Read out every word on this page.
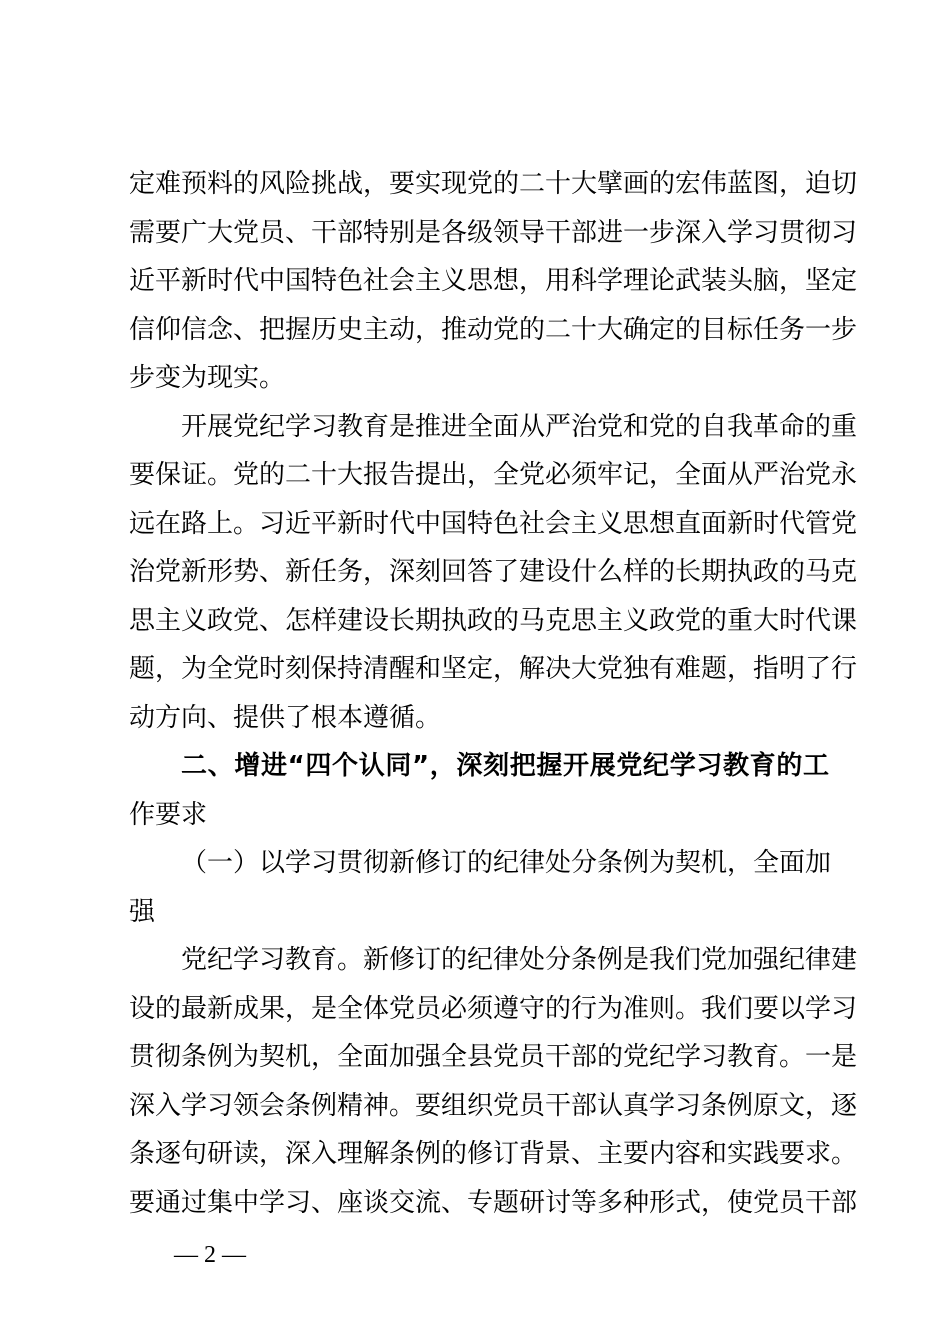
定难预料的风险挑战，要实现党的二十大擘画的宏伟蓝图，迫切
需要广大党员、干部特别是各级领导干部进一步深入学习贯彻习
近平新时代中国特色社会主义思想，用科学理论武装头脑，坚定
信仰信念、把握历史主动，推动党的二十大确定的目标任务一步
步变为现实。
开展党纪学习教育是推进全面从严治党和党的自我革命的重
要保证。党的二十大报告提出，全党必须牢记，全面从严治党永
远在路上。习近平新时代中国特色社会主义思想直面新时代管党
治党新形势、新任务，深刻回答了建设什么样的长期执政的马克
思主义政党、怎样建设长期执政的马克思主义政党的重大时代课
题，为全党时刻保持清醒和坚定，解决大党独有难题，指明了行
动方向、提供了根本遵循。
二、增进“四个认同”，深刻把握开展党纪学习教育的工
作要求
（一）以学习贯彻新修订的纪律处分条例为契机，全面加
强
党纪学习教育。新修订的纪律处分条例是我们党加强纪律建
设的最新成果，是全体党员必须遵守的行为准则。我们要以学习
贯彻条例为契机，全面加强全县党员干部的党纪学习教育。一是
深入学习领会条例精神。要组织党员干部认真学习条例原文，逐
— 2 —
条逐句研读，深入理解条例的修订背景、主要内容和实践要求。
要通过集中学习、座谈交流、专题研讨等多种形式，使党员干部
